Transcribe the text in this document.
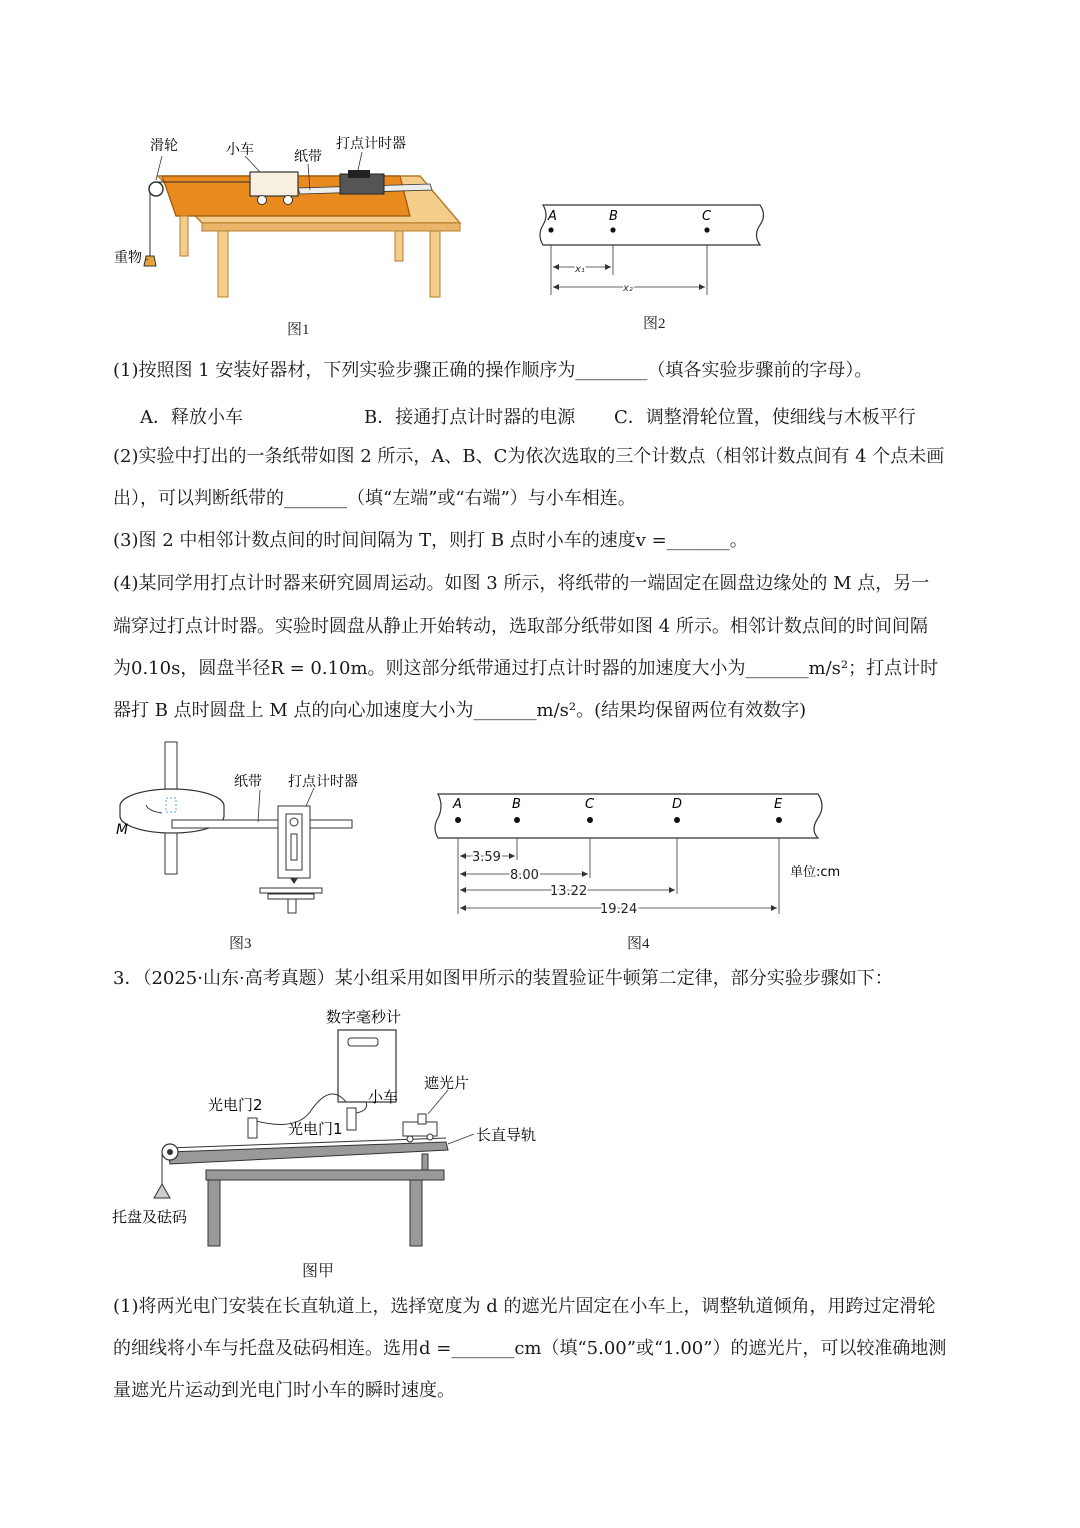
滑轮	小车	纸带
打点计时器
重物
图1
A	B	C
x₁
x₂
图2
(1)按照图 1 安装好器材，下列实验步骤正确的操作顺序为________（填各实验步骤前的字母）。
A．释放小车	B．接通打点计时器的电源 C．调整滑轮位置，使细线与木板平行
(2)实验中打出的一条纸带如图 2 所示，A、B、C为依次选取的三个计数点（相邻计数点间有 4 个点未画
出），可以判断纸带的_______（填“左端”或“右端”）与小车相连。
(3)图 2 中相邻计数点间的时间间隔为 T，则打 B 点时小车的速度v =_______。
(4)某同学用打点计时器来研究圆周运动。如图 3 所示，将纸带的一端固定在圆盘边缘处的 M 点，另一
端穿过打点计时器。实验时圆盘从静止开始转动，选取部分纸带如图 4 所示。相邻计数点间的时间间隔
为0.10s，圆盘半径R = 0.10m。则这部分纸带通过打点计时器的加速度大小为_______m/s²；打点计时
器打 B 点时圆盘上 M 点的向心加速度大小为_______m/s²。(结果均保留两位有效数字)
纸带 打点计时器
M
图3
A	B	C	D	E
3.59
8.00
13.22
19.24
单位:cm
图4
3．（2025·山东·高考真题）某小组采用如图甲所示的装置验证牛顿第二定律，部分实验步骤如下：
数字毫秒计
光电门2
光电门1
小车
遮光片
长直导轨
托盘及砝码
图甲
(1)将两光电门安装在长直轨道上，选择宽度为 d 的遮光片固定在小车上，调整轨道倾角，用跨过定滑轮
的细线将小车与托盘及砝码相连。选用d =_______cm（填“5.00”或“1.00”）的遮光片，可以较准确地测
量遮光片运动到光电门时小车的瞬时速度。
